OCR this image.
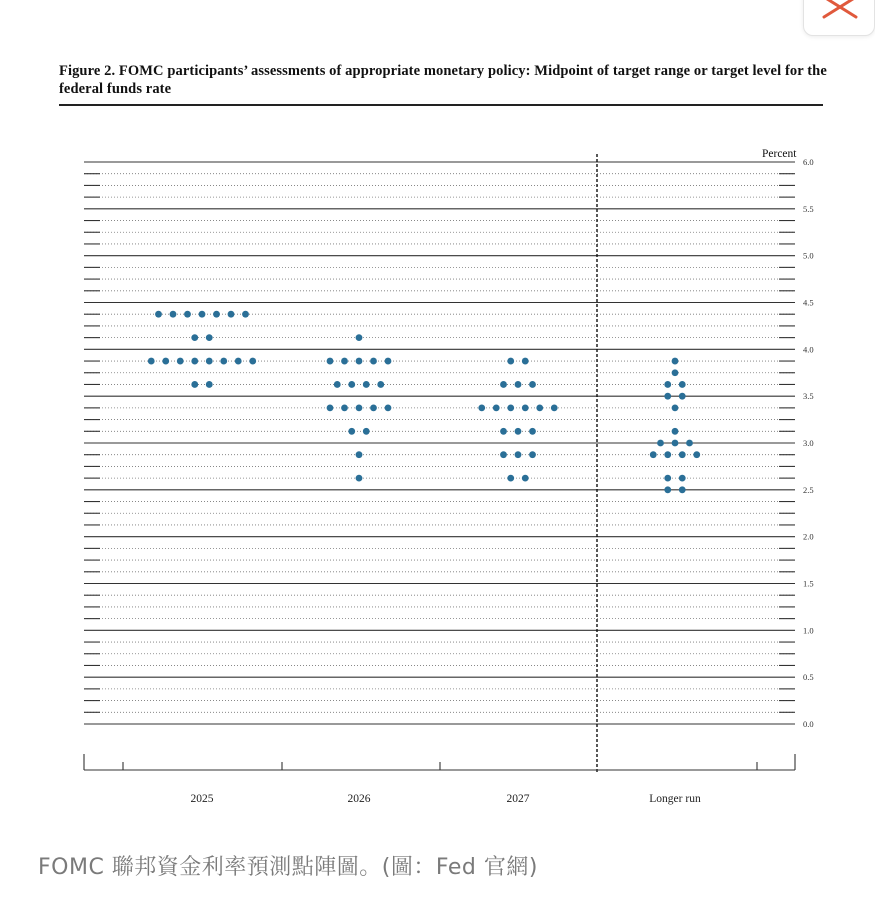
Figure 2. FOMC participants’ assessments of appropriate monetary policy: Midpoint of target range or target level for the federal funds rate
0.0
0.5
1.0
1.5
2.0
2.5
3.0
3.5
4.0
4.5
5.0
5.5
6.0
Percent
2025	2026	2027	Longer run
FOMC 聯邦資金利率預測點陣圖。(圖：Fed 官網)
